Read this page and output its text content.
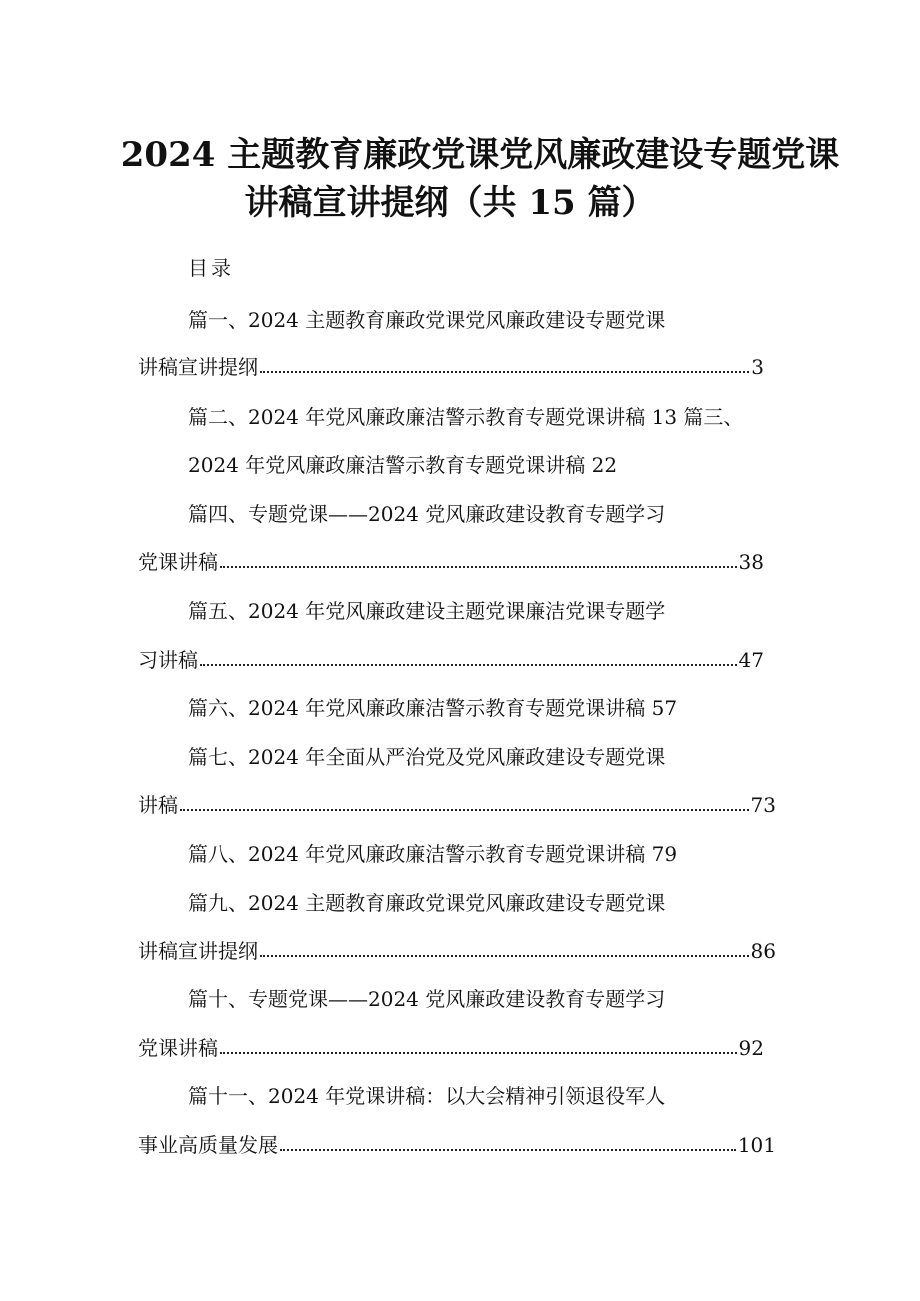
2024 主题教育廉政党课党风廉政建设专题党课
讲稿宣讲提纲（共 15 篇）
目录
篇一、2024 主题教育廉政党课党风廉政建设专题党课
讲稿宣讲提纲	3
篇二、2024 年党风廉政廉洁警示教育专题党课讲稿 13 篇三、
2024 年党风廉政廉洁警示教育专题党课讲稿 22
篇四、专题党课——2024 党风廉政建设教育专题学习
党课讲稿	38
篇五、2024 年党风廉政建设主题党课廉洁党课专题学
习讲稿	47
篇六、2024 年党风廉政廉洁警示教育专题党课讲稿 57
篇七、2024 年全面从严治党及党风廉政建设专题党课
讲稿	73
篇八、2024 年党风廉政廉洁警示教育专题党课讲稿 79
篇九、2024 主题教育廉政党课党风廉政建设专题党课
讲稿宣讲提纲	86
篇十、专题党课——2024 党风廉政建设教育专题学习
党课讲稿	92
篇十一、2024 年党课讲稿：以大会精神引领退役军人
事业高质量发展	101
